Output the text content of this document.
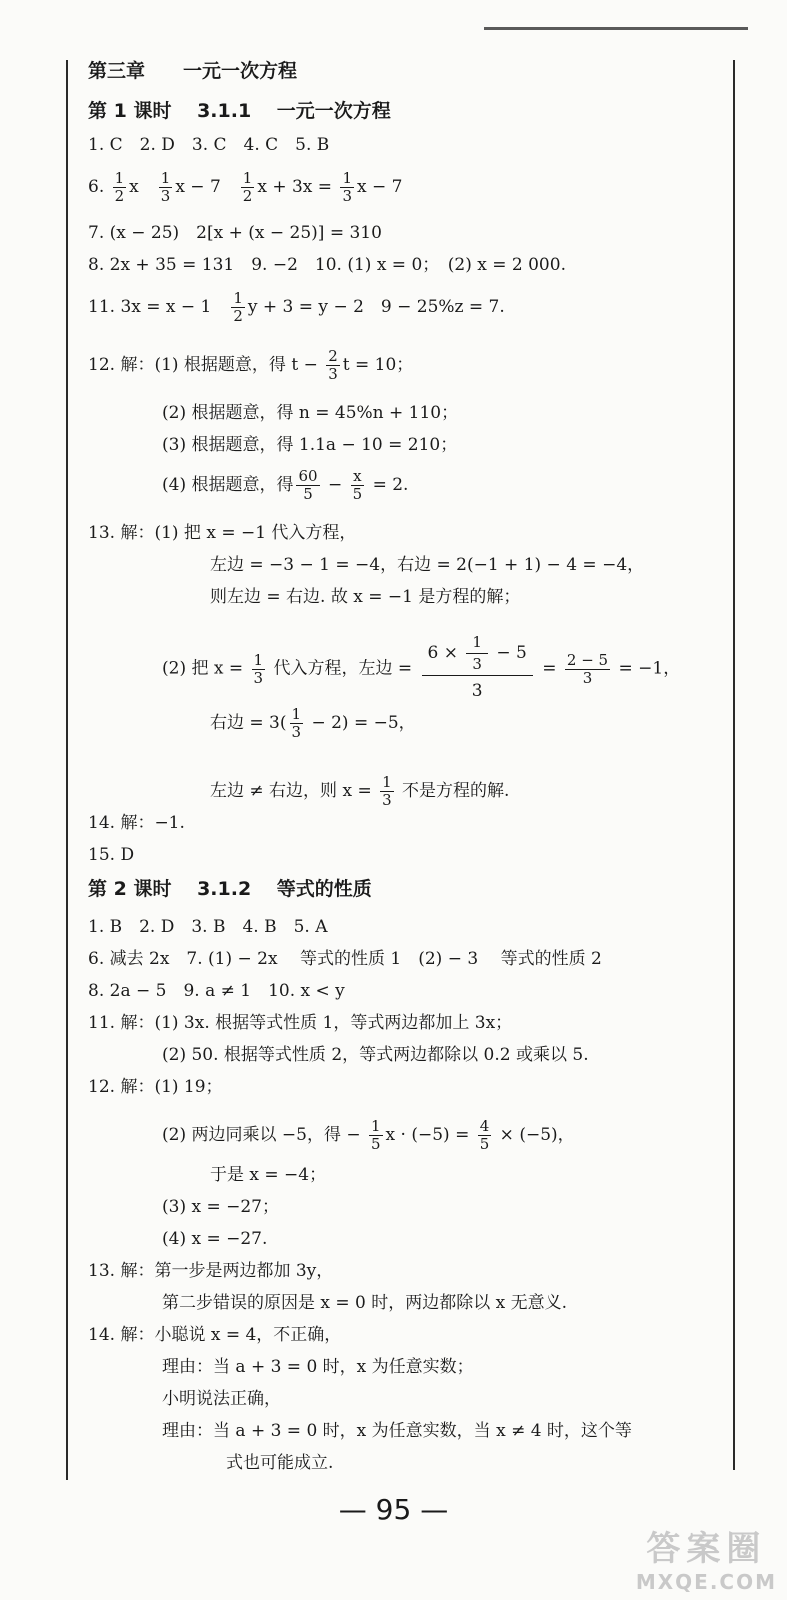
第三章　　一元一次方程
第 1 课时　 3.1.1　 一元一次方程
1. C　2. D　3. C　4. C　5. B
6. $\frac{1}{2}$ x　 $\frac{1}{3}$ x − 7　 $\frac{1}{2}$ $x + 3x = \frac{1}{3}$ x − 7
7. (x − 25)　2[x + (x − 25)] = 310
8. 2x + 35 = 131　9. −2　10. (1) x = 0；　(2) x = 2 000.
11. 3x = x − 1　 $\frac{1}{2}$ y + 3 = y − 2　9 − 25%z = 7.
12. 解：(1) 根据题意，得 $t - \frac{2}{3}$ t = 10；
(2) 根据题意，得 n = 45%n + 110；
(3) 根据题意，得 1.1a − 10 = 210；
(4) 根据题意，得 $\frac{60}{5} - \frac{x}{5} = 2$.
13. 解：(1) 把 x = −1 代入方程，
左边 = −3 − 1 = −4，右边 = 2(−1 + 1) − 4 = −4，
则左边 = 右边. 故 x = −1 是方程的解；
(2) 把 $x = \frac{1}{3}$ 代入方程，左边 = $\frac{6 \times \frac{1}{3} - 5}{3} = \frac{2 - 5}{3} = -1$，
右边 = $3( \frac{1}{3} - 2) = -5$，
左边 ≠ 右边，则 $x = \frac{1}{3}$ 不是方程的解.
14. 解：−1.
15. D
第 2 课时　 3.1.2　 等式的性质
1. B　2. D　3. B　4. B　5. A
6. 减去 2x　7. (1) − 2x　 等式的性质 1　(2) − 3　 等式的性质 2
8. 2a − 5　9. a ≠ 1　10. x < y
11. 解：(1) 3x. 根据等式性质 1，等式两边都加上 3x；
(2) 50. 根据等式性质 2，等式两边都除以 0.2 或乘以 5.
12. 解：(1) 19；
(2) 两边同乘以 −5，得 − $\frac{1}{5}$ $x \cdot (-5) = \frac{4}{5} \times (-5)$，
于是 x = −4；
(3) x = −27；
(4) x = −27.
13. 解：第一步是两边都加 3y，
第二步错误的原因是 x = 0 时，两边都除以 x 无意义.
14. 解：小聪说 x = 4，不正确，
理由：当 a + 3 = 0 时，x 为任意实数；
小明说法正确，
理由：当 a + 3 = 0 时，x 为任意实数，当 x ≠ 4 时，这个等
式也可能成立.
— 95 —
答案圈
MXQE.COM
